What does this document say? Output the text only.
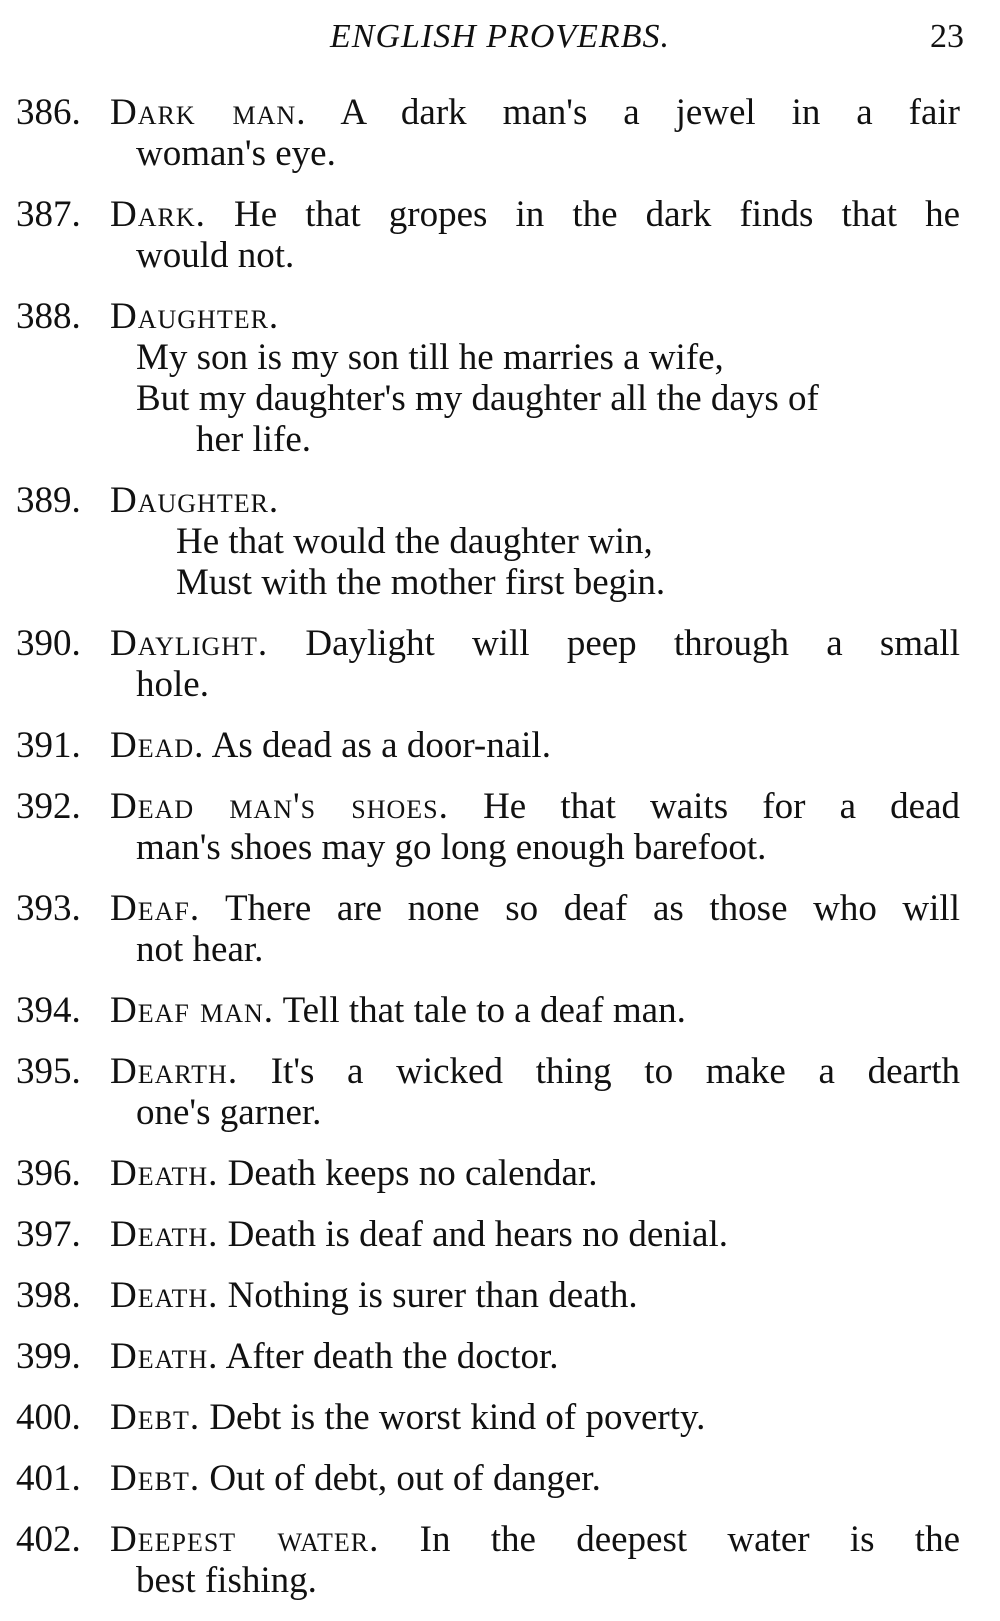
ENGLISH PROVERBS.	23
386. Dark man. A dark man's a jewel in a fair
woman's eye.
387. Dark. He that gropes in the dark finds that he
would not.
388. Daughter.
My son is my son till he marries a wife,
But my daughter's my daughter all the days of
her life.
389. Daughter.
He that would the daughter win,
Must with the mother first begin.
390. Daylight. Daylight will peep through a small
hole.
391. Dead. As dead as a door-nail.
392. Dead man's shoes. He that waits for a dead
man's shoes may go long enough barefoot.
393. Deaf. There are none so deaf as those who will
not hear.
394. Deaf man. Tell that tale to a deaf man.
395. Dearth. It's a wicked thing to make a dearth
one's garner.
396. Death. Death keeps no calendar.
397. Death. Death is deaf and hears no denial.
398. Death. Nothing is surer than death.
399. Death. After death the doctor.
400. Debt. Debt is the worst kind of poverty.
401. Debt. Out of debt, out of danger.
402. Deepest water. In the deepest water is the
best fishing.
